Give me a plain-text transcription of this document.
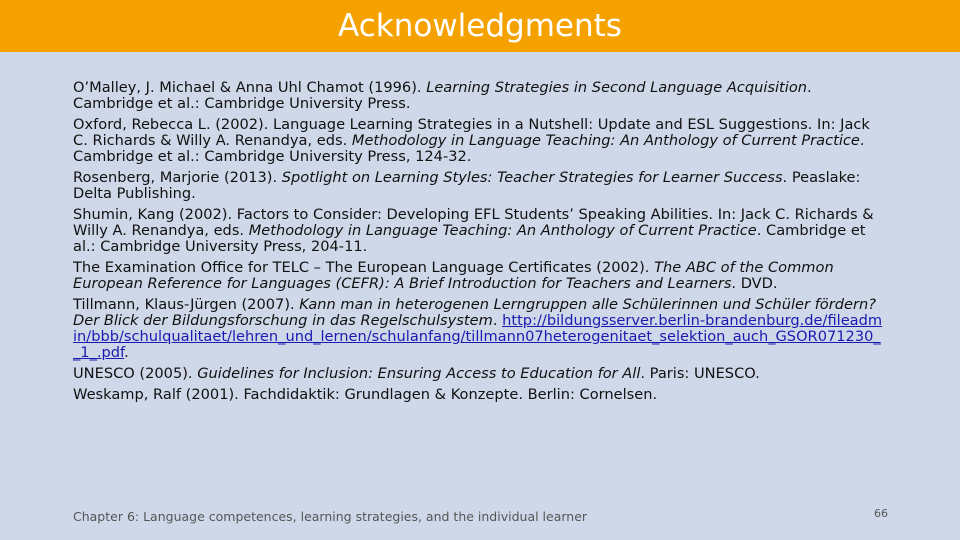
Acknowledgments

O’Malley, J. Michael & Anna Uhl Chamot (1996). Learning Strategies in Second Language Acquisition. Cambridge et al.: Cambridge University Press.

Oxford, Rebecca L. (2002). Language Learning Strategies in a Nutshell: Update and ESL Suggestions. In: Jack C. Richards & Willy A. Renandya, eds. Methodology in Language Teaching: An Anthology of Current Practice. Cambridge et al.: Cambridge University Press, 124-32.

Rosenberg, Marjorie (2013). Spotlight on Learning Styles: Teacher Strategies for Learner Success. Peaslake: Delta Publishing.

Shumin, Kang (2002). Factors to Consider: Developing EFL Students’ Speaking Abilities. In: Jack C. Richards & Willy A. Renandya, eds. Methodology in Language Teaching: An Anthology of Current Practice. Cambridge et al.: Cambridge University Press, 204-11.

The Examination Office for TELC – The European Language Certificates (2002). The ABC of the Common European Reference for Languages (CEFR): A Brief Introduction for Teachers and Learners. DVD.

Tillmann, Klaus-Jürgen (2007). Kann man in heterogenen Lerngruppen alle Schülerinnen und Schüler fördern? Der Blick der Bildungsforschung in das Regelschulsystem. http://bildungsserver.berlin-brandenburg.de/fileadmin/bbb/schulqualitaet/lehren_und_lernen/schulanfang/tillmann07heterogenitaet_selektion_auch_GSOR071230__1_.pdf.

UNESCO (2005). Guidelines for Inclusion: Ensuring Access to Education for All. Paris: UNESCO.

Weskamp, Ralf (2001). Fachdidaktik: Grundlagen & Konzepte. Berlin: Cornelsen.

Chapter 6: Language competences, learning strategies, and the individual learner	66
